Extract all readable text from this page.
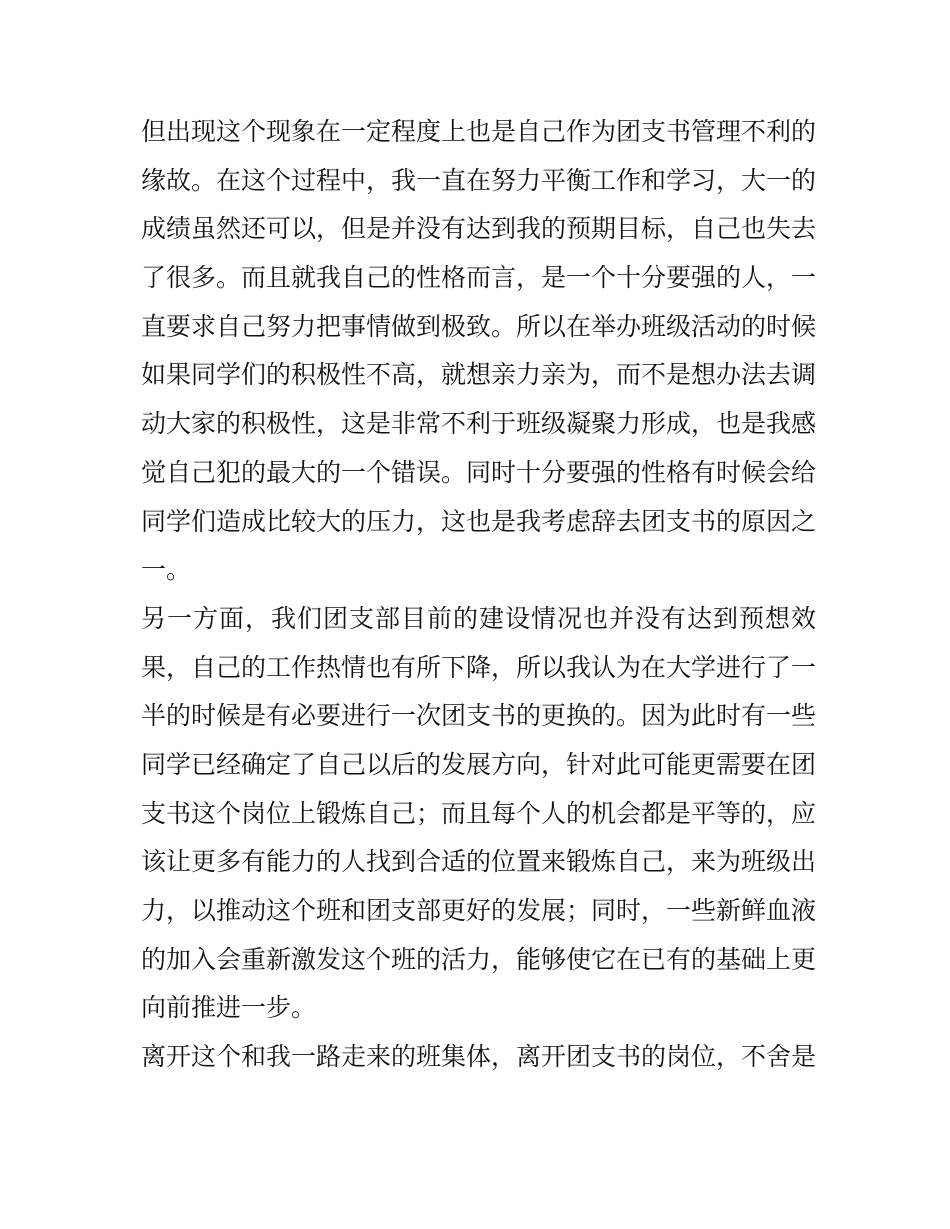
但出现这个现象在一定程度上也是自己作为团支书管理不利的
缘故。在这个过程中，我一直在努力平衡工作和学习，大一的
成绩虽然还可以，但是并没有达到我的预期目标，自己也失去
了很多。而且就我自己的性格而言，是一个十分要强的人，一
直要求自己努力把事情做到极致。所以在举办班级活动的时候
如果同学们的积极性不高，就想亲力亲为，而不是想办法去调
动大家的积极性，这是非常不利于班级凝聚力形成，也是我感
觉自己犯的最大的一个错误。同时十分要强的性格有时候会给
同学们造成比较大的压力，这也是我考虑辞去团支书的原因之
一。
另一方面，我们团支部目前的建设情况也并没有达到预想效
果，自己的工作热情也有所下降，所以我认为在大学进行了一
半的时候是有必要进行一次团支书的更换的。因为此时有一些
同学已经确定了自己以后的发展方向，针对此可能更需要在团
支书这个岗位上锻炼自己；而且每个人的机会都是平等的，应
该让更多有能力的人找到合适的位置来锻炼自己，来为班级出
力，以推动这个班和团支部更好的发展；同时，一些新鲜血液
的加入会重新激发这个班的活力，能够使它在已有的基础上更
向前推进一步。
离开这个和我一路走来的班集体，离开团支书的岗位，不舍是
